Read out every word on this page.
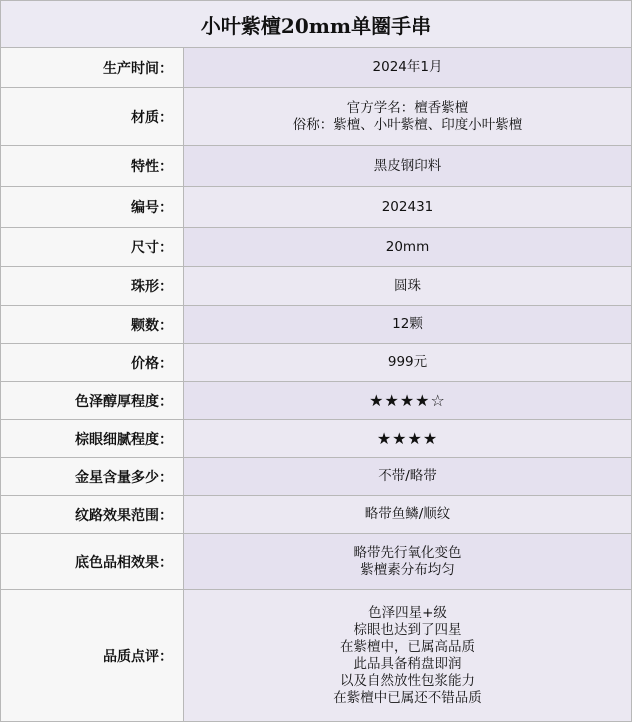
小叶紫檀20mm单圈手串
生产时间：	2024年1月
材质：
官方学名：檀香紫檀
俗称：紫檀、小叶紫檀、印度小叶紫檀
特性：	黑皮钢印料
编号：	202431
尺寸：	20mm
珠形：	圆珠
颗数：	12颗
价格：	999元
色泽醇厚程度：	★★★★☆
棕眼细腻程度：	★★★★
金星含量多少：	不带/略带
纹路效果范围：	略带鱼鳞/顺纹
底色品相效果：
略带先行氧化变色
紫檀素分布均匀
品质点评：
色泽四星+级
棕眼也达到了四星
在紫檀中，已属高品质
此品具备稍盘即润
以及自然放性包浆能力
在紫檀中已属还不错品质
